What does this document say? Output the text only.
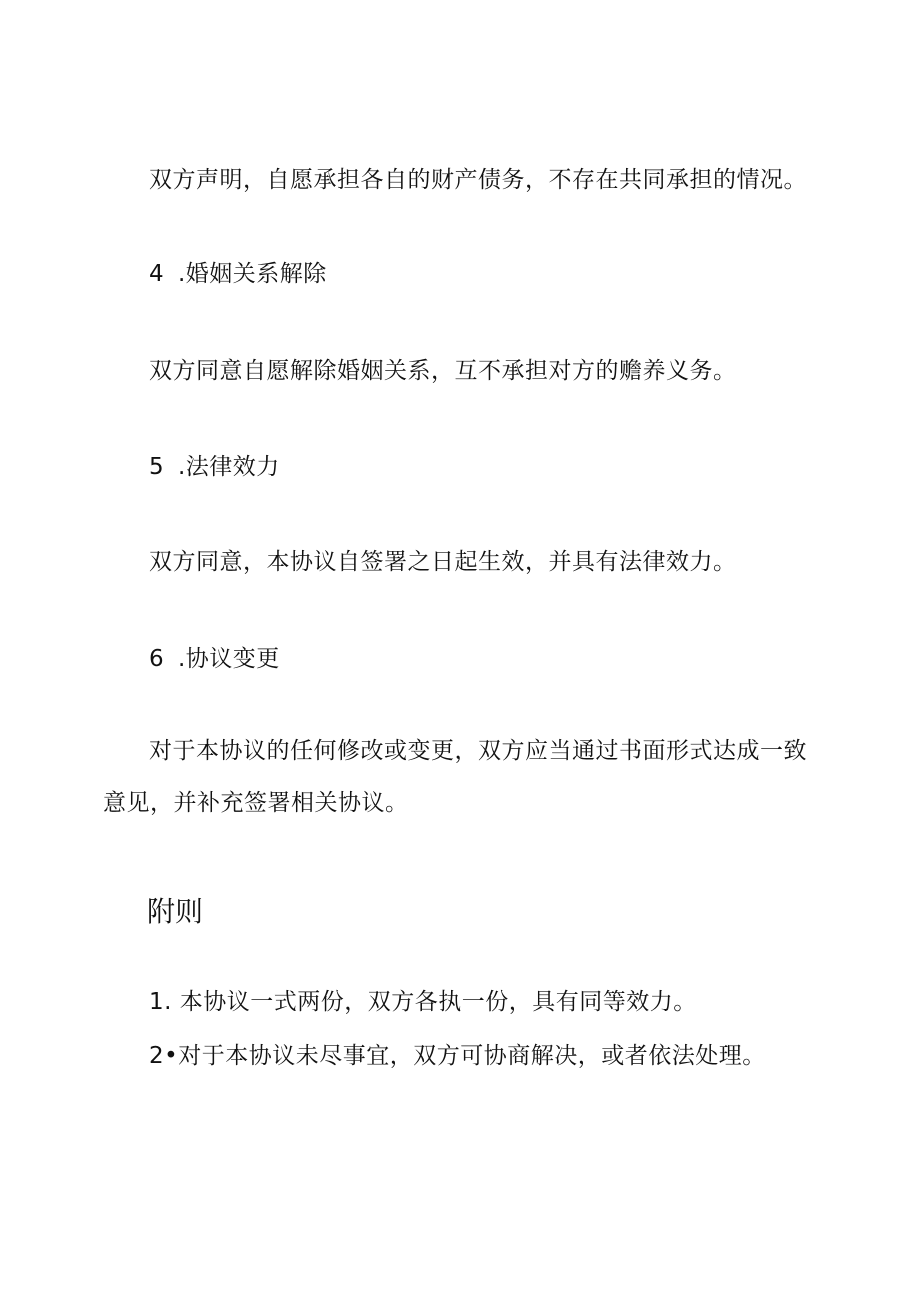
双方声明，自愿承担各自的财产债务，不存在共同承担的情况。
4 .婚姻关系解除
双方同意自愿解除婚姻关系，互不承担对方的赡养义务。
5 .法律效力
双方同意，本协议自签署之日起生效，并具有法律效力。
6 .协议变更
对于本协议的任何修改或变更，双方应当通过书面形式达成一致
意见，并补充签署相关协议。
附则
1. 本协议一式两份，双方各执一份，具有同等效力。
2•对于本协议未尽事宜，双方可协商解决，或者依法处理。
